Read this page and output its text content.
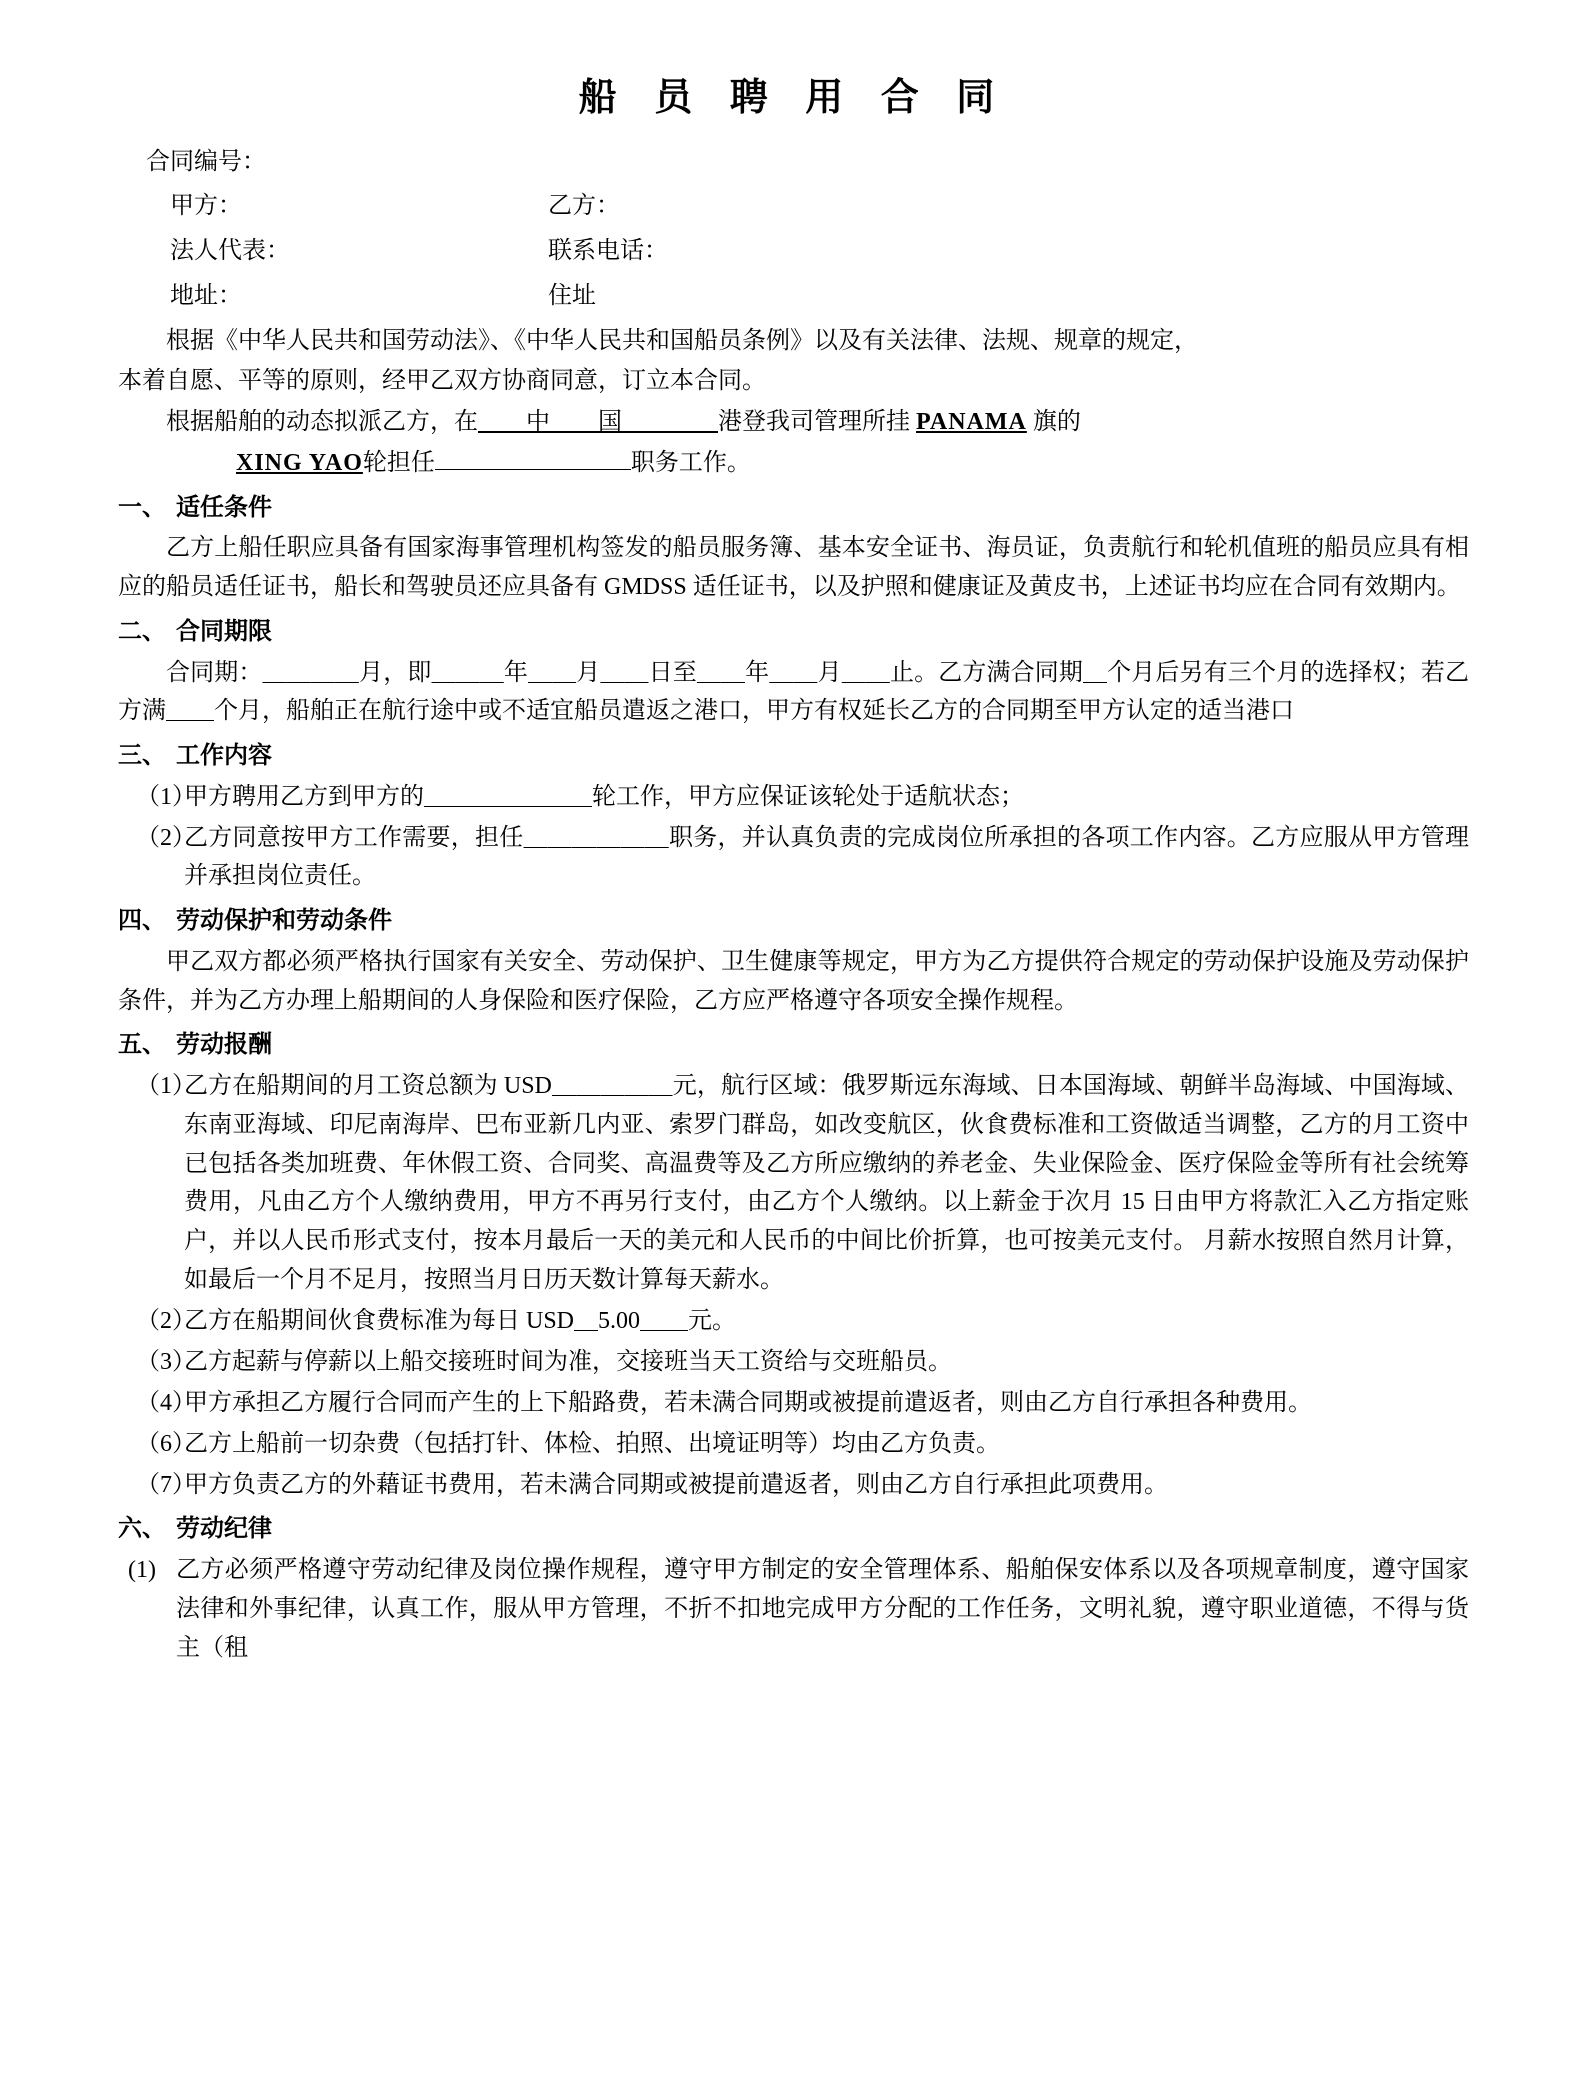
船 员 聘 用 合 同
合同编号：
甲方：	乙方：
法人代表：	联系电话：
地址：	住址
根据《中华人民共和国劳动法》、《中华人民共和国船员条例》以及有关法律、法规、规章的规定，
本着自愿、平等的原则，经甲乙双方协商同意，订立本合同。
根据船舶的动态拟派乙方，在＿＿中＿＿国＿＿＿＿港登我司管理所挂 PANAMA 旗的
XING YAO轮担任	职务工作。
一、 适任条件
乙方上船任职应具备有国家海事管理机构签发的船员服务簿、基本安全证书、海员证，负责航行和轮机值班的船员应具有相应的船员适任证书，船长和驾驶员还应具备有 GMDSS 适任证书，以及护照和健康证及黄皮书，上述证书均应在合同有效期内。
二、 合同期限
合同期：＿＿＿＿月，即＿＿＿年＿＿月＿＿日至＿＿年＿＿月＿＿止。乙方满合同期＿个月后另有三个月的选择权；若乙方满＿＿个月，船舶正在航行途中或不适宜船员遣返之港口，甲方有权延长乙方的合同期至甲方认定的适当港口
三、 工作内容
（1）
甲方聘用乙方到甲方的＿＿＿＿＿＿＿轮工作，甲方应保证该轮处于适航状态；
（2）
乙方同意按甲方工作需要，担任＿＿＿＿＿＿职务，并认真负责的完成岗位所承担的各项工作内容。乙方应服从甲方管理并承担岗位责任。
四、 劳动保护和劳动条件
甲乙双方都必须严格执行国家有关安全、劳动保护、卫生健康等规定，甲方为乙方提供符合规定的劳动保护设施及劳动保护条件，并为乙方办理上船期间的人身保险和医疗保险，乙方应严格遵守各项安全操作规程。
五、 劳动报酬
（1）
乙方在船期间的月工资总额为 USD＿＿＿＿＿元，航行区域：俄罗斯远东海域、日本国海域、朝鲜半岛海域、中国海域、东南亚海域、印尼南海岸、巴布亚新几内亚、索罗门群岛，如改变航区，伙食费标准和工资做适当调整，乙方的月工资中已包括各类加班费、年休假工资、合同奖、高温费等及乙方所应缴纳的养老金、失业保险金、医疗保险金等所有社会统筹费用，凡由乙方个人缴纳费用，甲方不再另行支付，由乙方个人缴纳。以上薪金于次月 15 日由甲方将款汇入乙方指定账户，并以人民币形式支付，按本月最后一天的美元和人民币的中间比价折算，也可按美元支付。 月薪水按照自然月计算，如最后一个月不足月，按照当月日历天数计算每天薪水。
（2）
乙方在船期间伙食费标准为每日 USD＿5.00＿＿元。
（3）
乙方起薪与停薪以上船交接班时间为准，交接班当天工资给与交班船员。
（4）
甲方承担乙方履行合同而产生的上下船路费，若未满合同期或被提前遣返者，则由乙方自行承担各种费用。
（6）
乙方上船前一切杂费（包括打针、体检、拍照、出境证明等）均由乙方负责。
（7）
甲方负责乙方的外藉证书费用，若未满合同期或被提前遣返者，则由乙方自行承担此项费用。
六、 劳动纪律
(1) 乙方必须严格遵守劳动纪律及岗位操作规程，遵守甲方制定的安全管理体系、船舶保安体系以及各项规章制度，遵守国家法律和外事纪律，认真工作，服从甲方管理，不折不扣地完成甲方分配的工作任务，文明礼貌，遵守职业道德，不得与货主（租
